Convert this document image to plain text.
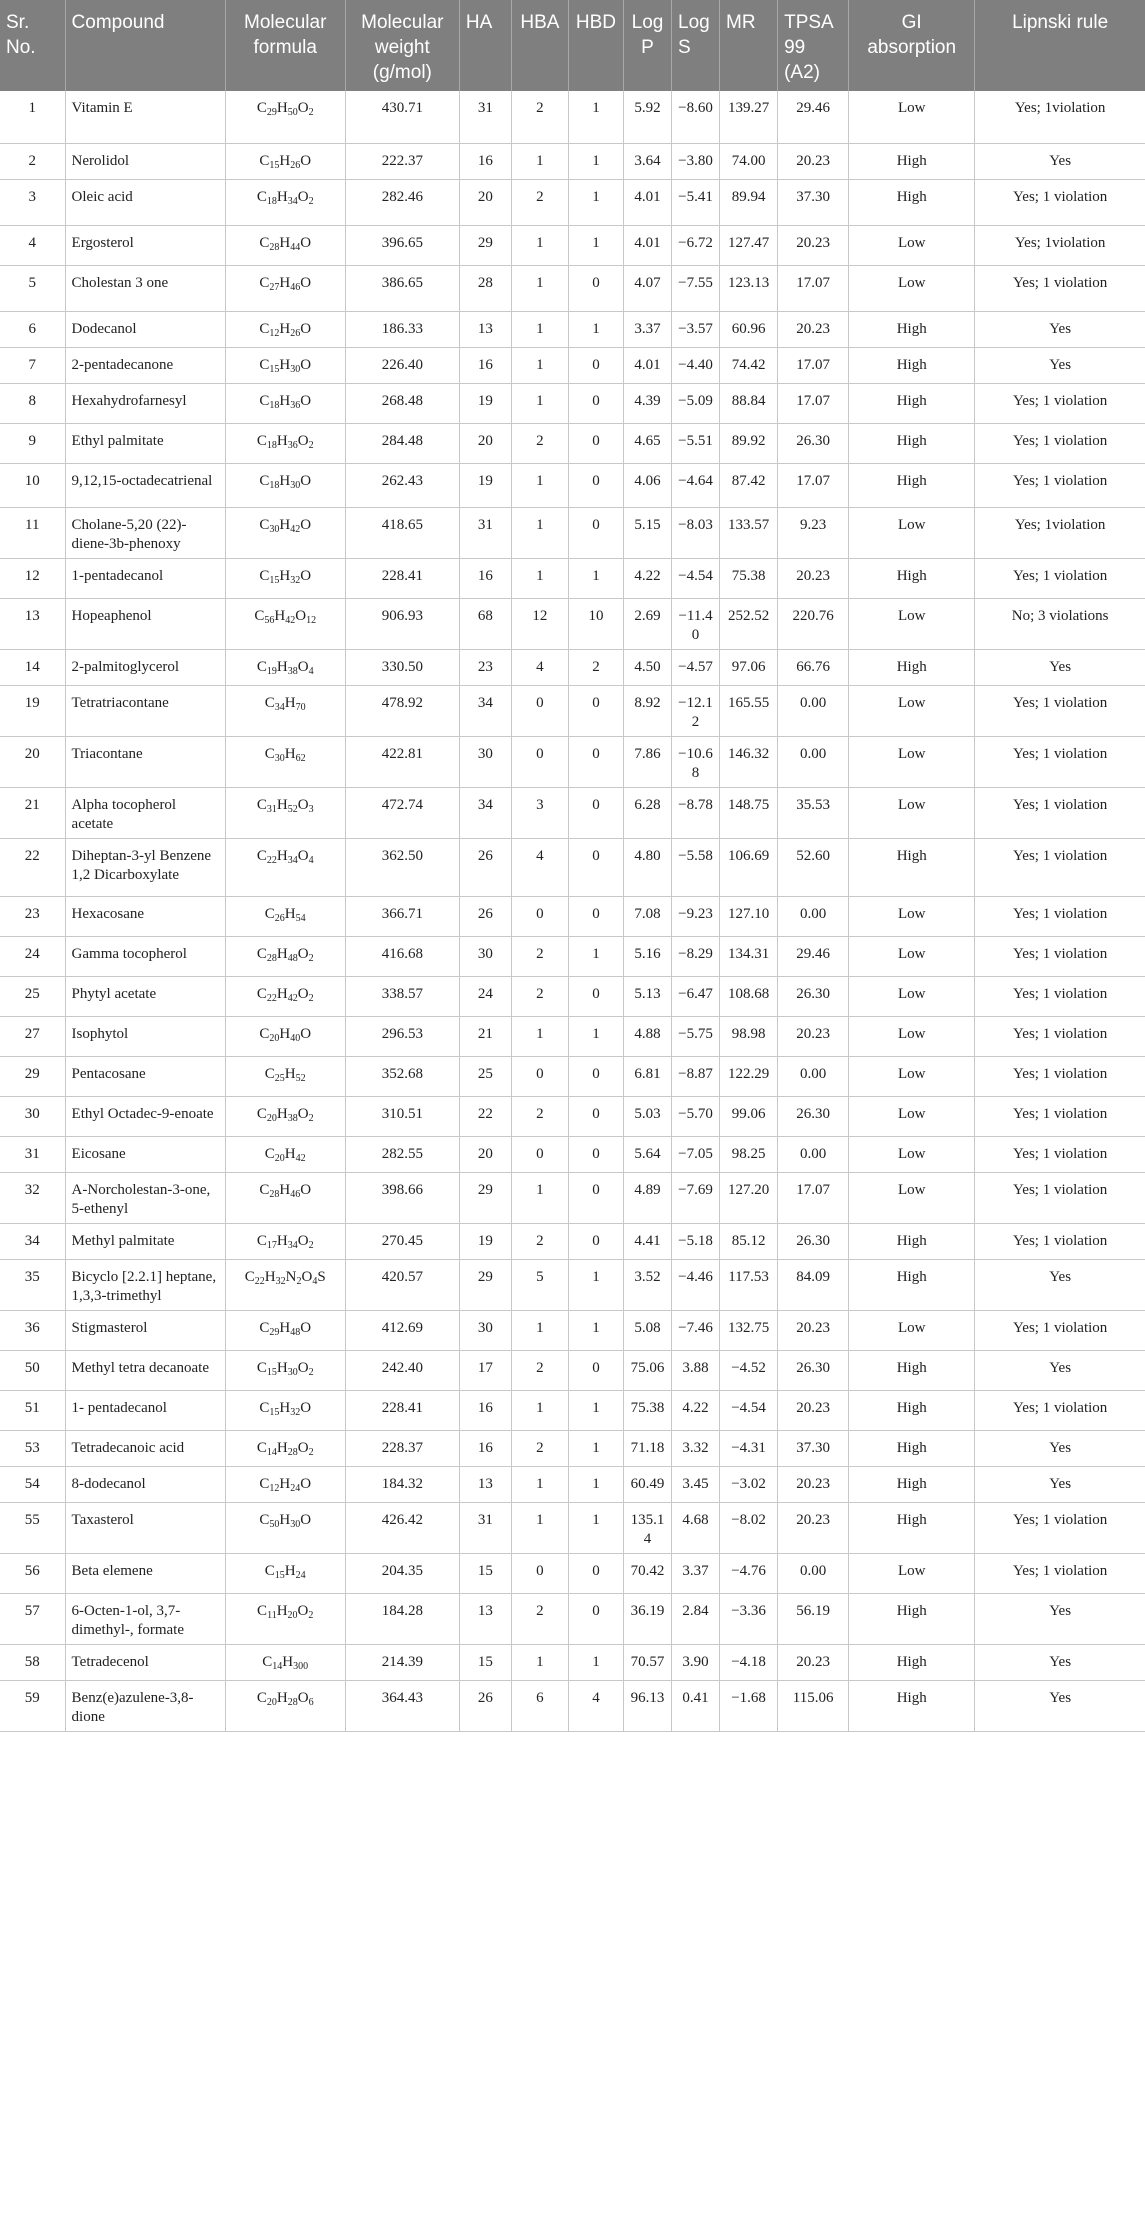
Sr. No.	Compound	Molecular formula	Molecular weight (g/mol)	HA	HBA	HBD	Log P	Log S	MR	TPSA 99 (A2)	GI absorption	Lipnski rule
1	Vitamin E	$C_{29}H_{50}O_2$	430.71	31	2	1	5.92	−8.60	139.27	29.46	Low	Yes; 1violation
2	Nerolidol	$C_{15}H_{26}O$	222.37	16	1	1	3.64	−3.80	74.00	20.23	High	Yes
3	Oleic acid	$C_{18}H_{34}O_2$	282.46	20	2	1	4.01	−5.41	89.94	37.30	High	Yes; 1 violation
4	Ergosterol	$C_{28}H_{44}O$	396.65	29	1	1	4.01	−6.72	127.47	20.23	Low	Yes; 1violation
5	Cholestan 3 one	$C_{27}H_{46}O$	386.65	28	1	0	4.07	−7.55	123.13	17.07	Low	Yes; 1 violation
6	Dodecanol	$C_{12}H_{26}O$	186.33	13	1	1	3.37	−3.57	60.96	20.23	High	Yes
7	2-pentadecanone	$C_{15}H_{30}O$	226.40	16	1	0	4.01	−4.40	74.42	17.07	High	Yes
8	Hexahydrofarnesyl	$C_{18}H_{36}O$	268.48	19	1	0	4.39	−5.09	88.84	17.07	High	Yes; 1 violation
9	Ethyl palmitate	$C_{18}H_{36}O_2$	284.48	20	2	0	4.65	−5.51	89.92	26.30	High	Yes; 1 violation
10	9,12,15-octadecatrienal	$C_{18}H_{30}O$	262.43	19	1	0	4.06	−4.64	87.42	17.07	High	Yes; 1 violation
11	Cholane-5,20 (22)-diene-3b-phenoxy	$C_{30}H_{42}O$	418.65	31	1	0	5.15	−8.03	133.57	9.23	Low	Yes; 1violation
12	1-pentadecanol	$C_{15}H_{32}O$	228.41	16	1	1	4.22	−4.54	75.38	20.23	High	Yes; 1 violation
13	Hopeaphenol	$C_{56}H_{42}O_{12}$	906.93	68	12	10	2.69	−11.40	252.52	220.76	Low	No; 3 violations
14	2-palmitoglycerol	$C_{19}H_{38}O_4$	330.50	23	4	2	4.50	−4.57	97.06	66.76	High	Yes
19	Tetratriacontane	$C_{34}H_{70}$	478.92	34	0	0	8.92	−12.12	165.55	0.00	Low	Yes; 1 violation
20	Triacontane	$C_{30}H_{62}$	422.81	30	0	0	7.86	−10.68	146.32	0.00	Low	Yes; 1 violation
21	Alpha tocopherol acetate	$C_{31}H_{52}O_3$	472.74	34	3	0	6.28	−8.78	148.75	35.53	Low	Yes; 1 violation
22	Diheptan-3-yl Benzene 1,2 Dicarboxylate	$C_{22}H_{34}O_4$	362.50	26	4	0	4.80	−5.58	106.69	52.60	High	Yes; 1 violation
23	Hexacosane	$C_{26}H_{54}$	366.71	26	0	0	7.08	−9.23	127.10	0.00	Low	Yes; 1 violation
24	Gamma tocopherol	$C_{28}H_{48}O_2$	416.68	30	2	1	5.16	−8.29	134.31	29.46	Low	Yes; 1 violation
25	Phytyl acetate	$C_{22}H_{42}O_2$	338.57	24	2	0	5.13	−6.47	108.68	26.30	Low	Yes; 1 violation
27	Isophytol	$C_{20}H_{40}O$	296.53	21	1	1	4.88	−5.75	98.98	20.23	Low	Yes; 1 violation
29	Pentacosane	$C_{25}H_{52}$	352.68	25	0	0	6.81	−8.87	122.29	0.00	Low	Yes; 1 violation
30	Ethyl Octadec-9-enoate	$C_{20}H_{38}O_2$	310.51	22	2	0	5.03	−5.70	99.06	26.30	Low	Yes; 1 violation
31	Eicosane	$C_{20}H_{42}$	282.55	20	0	0	5.64	−7.05	98.25	0.00	Low	Yes; 1 violation
32	A-Norcholestan-3-one, 5-ethenyl	$C_{28}H_{46}O$	398.66	29	1	0	4.89	−7.69	127.20	17.07	Low	Yes; 1 violation
34	Methyl palmitate	$C_{17}H_{34}O_2$	270.45	19	2	0	4.41	−5.18	85.12	26.30	High	Yes; 1 violation
35	Bicyclo [2.2.1] heptane, 1,3,3-trimethyl	$C_{22}H_{32}N_2O_4S$	420.57	29	5	1	3.52	−4.46	117.53	84.09	High	Yes
36	Stigmasterol	$C_{29}H_{48}O$	412.69	30	1	1	5.08	−7.46	132.75	20.23	Low	Yes; 1 violation
50	Methyl tetra decanoate	$C_{15}H_{30}O_2$	242.40	17	2	0	75.06	3.88	−4.52	26.30	High	Yes
51	1- pentadecanol	$C_{15}H_{32}O$	228.41	16	1	1	75.38	4.22	−4.54	20.23	High	Yes; 1 violation
53	Tetradecanoic acid	$C_{14}H_{28}O_2$	228.37	16	2	1	71.18	3.32	−4.31	37.30	High	Yes
54	8-dodecanol	$C_{12}H_{24}O$	184.32	13	1	1	60.49	3.45	−3.02	20.23	High	Yes
55	Taxasterol	$C_{50}H_{30}O$	426.42	31	1	1	135.14	4.68	−8.02	20.23	High	Yes; 1 violation
56	Beta elemene	$C_{15}H_{24}$	204.35	15	0	0	70.42	3.37	−4.76	0.00	Low	Yes; 1 violation
57	6-Octen-1-ol, 3,7-dimethyl-, formate	$C_{11}H_{20}O_2$	184.28	13	2	0	36.19	2.84	−3.36	56.19	High	Yes
58	Tetradecenol	$C_{14}H_{300}$	214.39	15	1	1	70.57	3.90	−4.18	20.23	High	Yes
59	Benz(e)azulene-3,8-dione	$C_{20}H_{28}O_6$	364.43	26	6	4	96.13	0.41	−1.68	115.06	High	Yes
